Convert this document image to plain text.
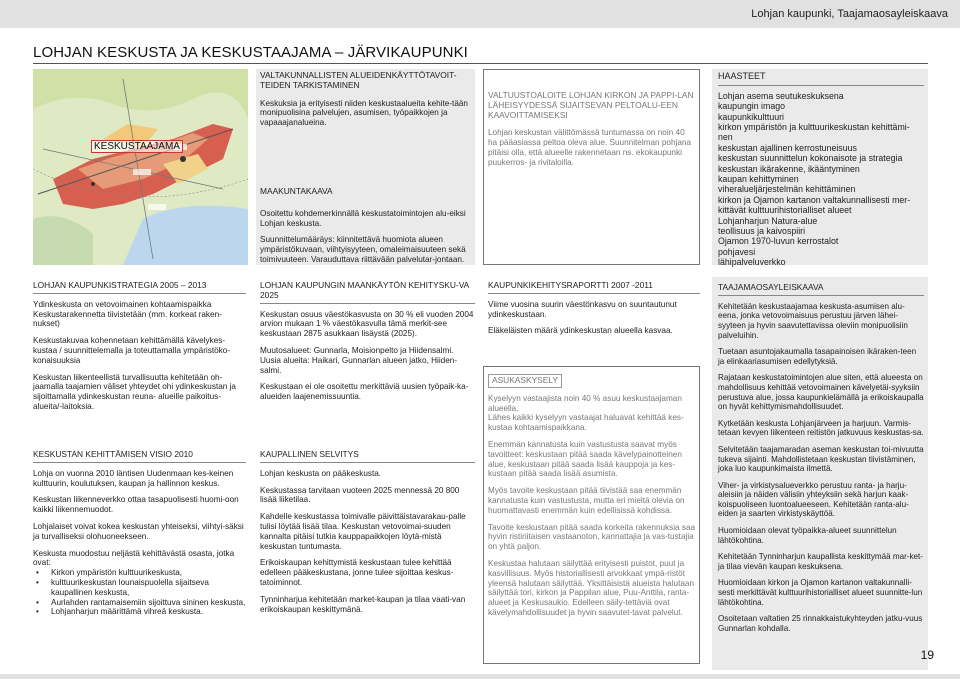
Lohjan kaupunki, Taajamaosayleiskaava
LOHJAN KESKUSTA JA KESKUSTAAJAMA – JÄRVIKAUPUNKI
KESKUSTAAJAMA
VALTAKUNNALLISTEN ALUEIDENKÄYTTÖTAVOIT-TEIDEN TARKISTAMINEN

Keskuksia ja erityisesti niiden keskustaalueita kehite-tään monipuolisina palvelujen, asumisen, työpaikkojen ja vapaaajanalueina.

MAAKUNTAKAAVA

Osoitettu kohdemerkinnällä keskustatoimintojen alu-eiksi Lohjan keskusta.

Suunnittelumääräys: kiinnitettävä huomiota alueen ympäristökuvaan, viihtyisyyteen, omaleimaisuuteen sekä toimivuuteen. Varauduttava riittävään palvelutar-jontaan.

VALTUUSTOALOITE LOHJAN KIRKON JA PAPPI-LAN LÄHEISYYDESSÄ SIJAITSEVAN PELTOALU-EEN KAAVOITTAMISEKSI

Lohjan keskustan välittömässä tuntumassa on noin 40 ha pääasiassa peltoa oleva alue. Suunnitelman pohjana pitäisi olla, että alueelle rakennetaan ns. ekokaupunki puukerros- ja rivitaloilla.

HAASTEET
Lohjan asema seutukeskuksena
kaupungin imago
kaupunkikulttuuri
kirkon ympäristön ja kulttuurikeskustan kehittämi-nen
keskustan ajallinen kerrostuneisuus
keskustan suunnittelun kokonaisote ja strategia
keskustan ikärakenne, ikääntyminen
kaupan kehittyminen
viheralueljärjestelmän kehittäminen
kirkon ja Ojamon kartanon valtakunnallisesti mer-kittävät kulttuurihistorialliset alueet
Lohjanharjun Natura-alue
teollisuus ja kaivospiiri
Ojamon 1970-luvun kerrostalot
pohjavesi
lähipalveluverkko
LOHJAN KAUPUNKISTRATEGIA 2005 – 2013

Ydinkeskusta on vetovoimainen kohtaamispaikka Keskustarakennetta tiivistetään (mm. korkeat raken-nukset)

Keskustakuvaa kohennetaan kehittämällä kävelykes-kustaa / suunnittelemalla ja toteuttamalla ympäristöko-konaisuuksia

Keskustan liikenteellistä turvallisuutta kehitetään oh-jaamalla taajamien väliset yhteydet ohi ydinkeskustan ja sijoittamalla ydinkeskustan reuna- alueille paikoitus-alueita/-laitoksia.

KESKUSTAN KEHITTÄMISEN VISIO 2010

Lohja on vuonna 2010 läntisen Uudenmaan kes-keinen kulttuurin, koulutuksen, kaupan ja hallinnon keskus.

Keskustan liikenneverkko ottaa tasapuolisesti huomi-oon kaikki liikennemuodot.

Lohjalaiset voivat kokea keskustan yhteiseksi, viihtyi-säksi ja turvalliseksi olohuoneekseen.

Keskusta muodostuu neljästä kehittävästä osasta, jotka ovat:

• Kirkon ympäristön kulttuurikeskusta,
• kulttuurikeskustan lounaispuolella sijaitseva kaupallinen keskusta,
• Aurlahden rantamaisemiin sijoittuva sininen keskusta,
• Lohjanharjun määrittämä vihreä keskusta.
LOHJAN KAUPUNGIN MAANKÄYTÖN KEHITYSKU-VA 2025

Keskustan osuus väestökasvusta on 30 % eli vuoden 2004 arvion mukaan 1 % väestökasvulla tämä merkit-see keskustaan 2875 asukkaan lisäystä (2025).

Muutosalueet: Gunnarla, Moisionpelto ja Hiidensalmi. Uusia alueita: Haikari, Gunnarlan alueen jatko, Hiiden-salmi.

Keskustaan ei ole osoitettu merkittäviä uusien työpaik-ka-alueiden laajenemissuuntia.

KAUPALLINEN SELVITYS

Lohjan keskusta on pääkeskusta.

Keskustassa tarvitaan vuoteen 2025 mennessä 20 800 lisää liiketilaa.

Kahdelle keskustassa toimivalle päivittäistavarakau-palle tulisi löytää lisää tilaa. Keskustan vetovoimai-suuden kannalta pitäisi tutkia kauppapaikkojen löytä-mistä keskustan tuntumasta.

Erikoiskaupan kehittymistä keskustaan tulee kehittää edelleen pääkeskustana, jonne tulee sijoittaa keskus-tatoiminnot.

Tynninharjua kehitetään market-kaupan ja tilaa vaati-van erikoiskaupan keskittymänä.

KAUPUNKIKEHITYSRAPORTTI 2007 -2011

Viime vuosina suurin väestönkasvu on suuntautunut ydinkeskustaan.

Eläkeläisten määrä ydinkeskustan alueella kasvaa.

ASUKASKYSELY

Kyselyyn vastaajista noin 40 % asuu keskustaajaman alueella.
Lähes kaikki kyselyyn vastaajat haluavat kehittää kes-kustaa kohtaamispaikkana.

Enemmän kannatusta kuin vastustusta saavat myös tavoitteet: keskustaan pitää saada kävelypainotteinen alue, keskustaan pitää saada lisää kauppoja ja kes-kustaan pitää saada lisää asumista.

Myös tavoite keskustaan pitää tiivistää saa enemmän kannatusta kuin vastustusta, mutta eri mieltä olevia on huomattavasti enemmän kuin edellisissä kohdissa.

Tavoite keskustaan pitää saada korkeita rakennuksia saa hyvin ristiriitaisen vastaanoton, kannattajia ja vas-tustajia on yhtä paljon.

Keskustaa halutaan säilyttää erityisesti puistot, puut ja kasvillisuus. Myös historiallisesti arvokkaat ympä-ristöt yleensä halutaan säilyttää. Yksittäisistä alueista halutaan säilyttää tori, kirkon ja Pappilan alue, Puu-Anttila, ranta-alueet ja Keskusaukio. Edelleen säily-tettäviä ovat kävelymahdollisuudet ja hyvin saavutet-tavat palvelut.

TAAJAMAOSAYLEISKAAVA

Kehitetään keskustaajamaa keskusta-asumisen alu-eena, jonka vetovoimaisuus perustuu järven lähei-syyteen ja hyvin saavutettavissa oleviin monipuolisiin palveluihin.

Tuetaan asuntojakaumalla tasapainoisen ikäraken-teen ja elinkaariasumisen edellytyksiä.

Rajataan keskustatoimintojen alue siten, että alueesta on mahdollisuus kehittää vetovoimainen kävelyetäi-syyksiin perustuva alue, jossa kaupunkielämällä ja erikoiskaupalla on hyvät kehittymismahdollisuudet.

Kytketään keskusta Lohjanjärveen ja harjuun. Varmis-tetaan kevyen liikenteen reitistön jatkuvuus keskustas-sa.

Selvitetään taajamaradan aseman keskustan toi-mivuutta tukeva sijainti. Mahdollistetaan keskustan tiivistäminen, joka luo kaupunkimaista ilmettä.

Viher- ja virkistysalueverkko perustuu ranta- ja harju-aleisiin ja näiden välisiin yhteyksiin sekä harjun kaak-koispuoliseen luontoalueeseen. Kehitetään ranta-alu-eiden ja saarten virkistyskäyttöä.

Huomioidaan olevat työpaikka-alueet suunnittelun lähtökohtina.

Kehitetään Tynninharjun kaupallista keskittymää mar-ket- ja tilaa vievän kaupan keskuksena.

Huomioidaan kirkon ja Ojamon kartanon valtakunnalli-sesti merkittävät kulttuurihistorialliset alueet suunnitte-lun lähtökohtina.

Osoitetaan valtatien 25 rinnakkaistukyhteyden jatku-vuus Gunnarlan kohdalla.

19
